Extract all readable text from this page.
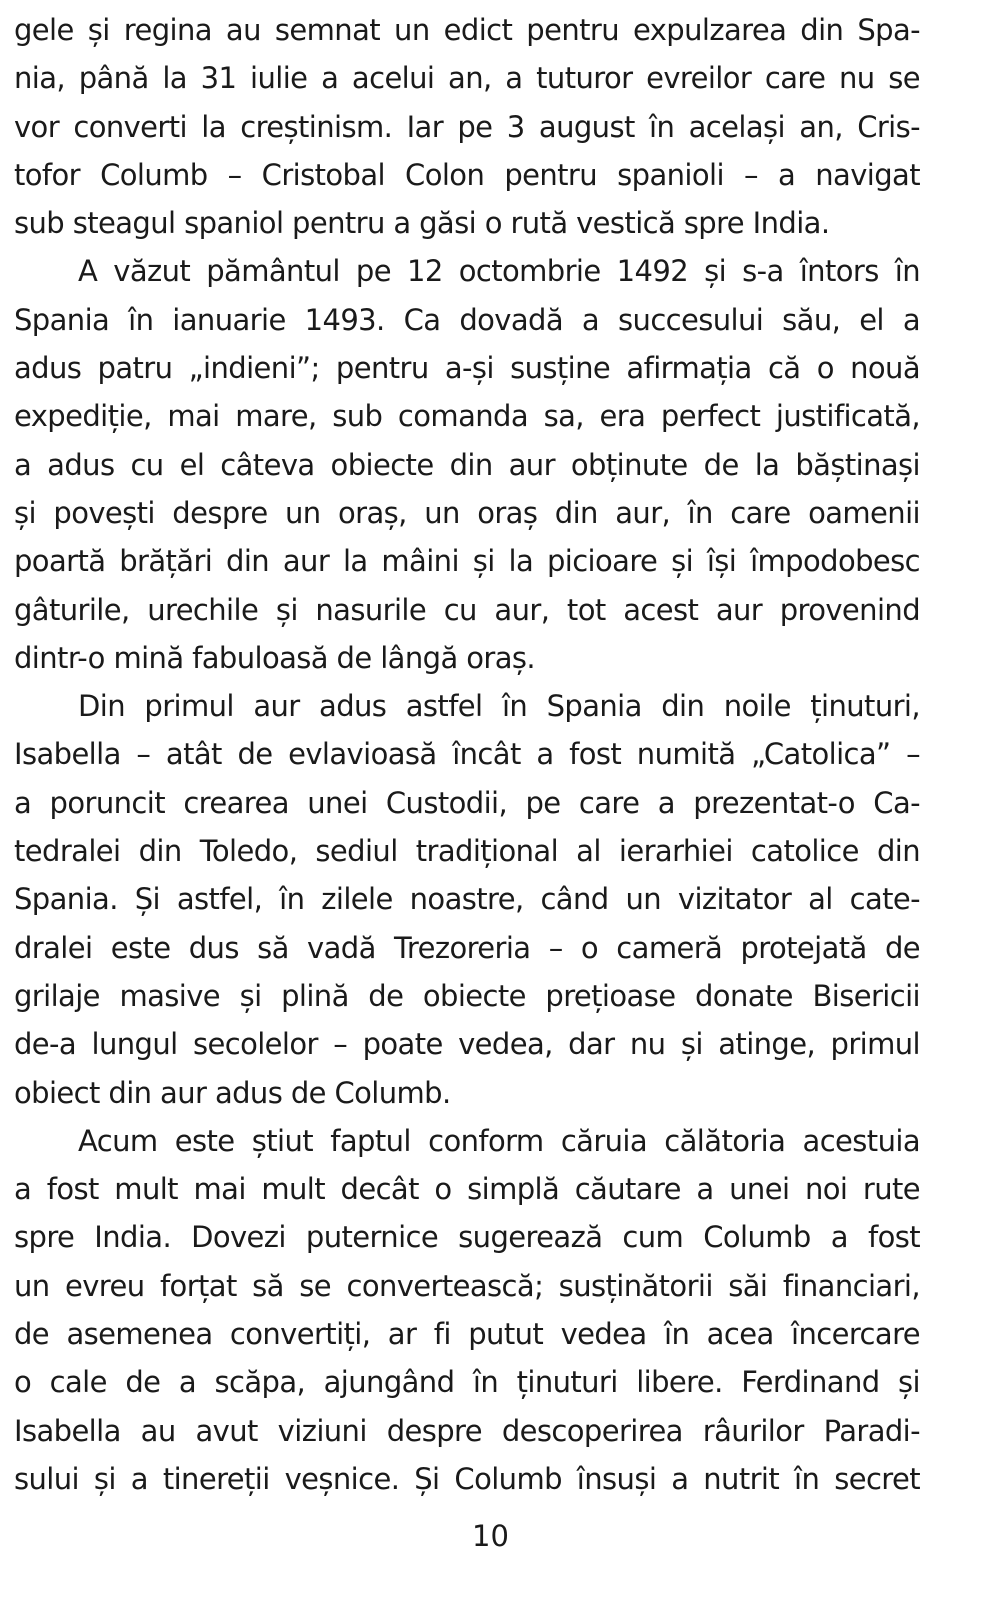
gele și regina au semnat un edict pentru expulzarea din Spa-
nia, până la 31 iulie a acelui an, a tuturor evreilor care nu se
vor converti la creștinism. Iar pe 3 august în același an, Cris-
tofor Columb – Cristobal Colon pentru spanioli – a navigat
sub steagul spaniol pentru a găsi o rută vestică spre India.
A văzut pământul pe 12 octombrie 1492 și s-a întors în
Spania în ianuarie 1493. Ca dovadă a succesului său, el a
adus patru „indieni”; pentru a-și susține afirmația că o nouă
expediție, mai mare, sub comanda sa, era perfect justificată,
a adus cu el câteva obiecte din aur obținute de la băștinași
și povești despre un oraș, un oraș din aur, în care oamenii
poartă brățări din aur la mâini și la picioare și își împodobesc
gâturile, urechile și nasurile cu aur, tot acest aur provenind
dintr-o mină fabuloasă de lângă oraș.
Din primul aur adus astfel în Spania din noile ținuturi,
Isabella – atât de evlavioasă încât a fost numită „Catolica” –
a poruncit crearea unei Custodii, pe care a prezentat-o Ca-
tedralei din Toledo, sediul tradițional al ierarhiei catolice din
Spania. Și astfel, în zilele noastre, când un vizitator al cate-
dralei este dus să vadă Trezoreria – o cameră protejată de
grilaje masive și plină de obiecte prețioase donate Bisericii
de-a lungul secolelor – poate vedea, dar nu și atinge, primul
obiect din aur adus de Columb.
Acum este știut faptul conform căruia călătoria acestuia
a fost mult mai mult decât o simplă căutare a unei noi rute
spre India. Dovezi puternice sugerează cum Columb a fost
un evreu forțat să se convertească; susținătorii săi financiari,
de asemenea convertiți, ar fi putut vedea în acea încercare
o cale de a scăpa, ajungând în ținuturi libere. Ferdinand și
Isabella au avut viziuni despre descoperirea râurilor Paradi-
sului și a tinereții veșnice. Și Columb însuși a nutrit în secret
10
